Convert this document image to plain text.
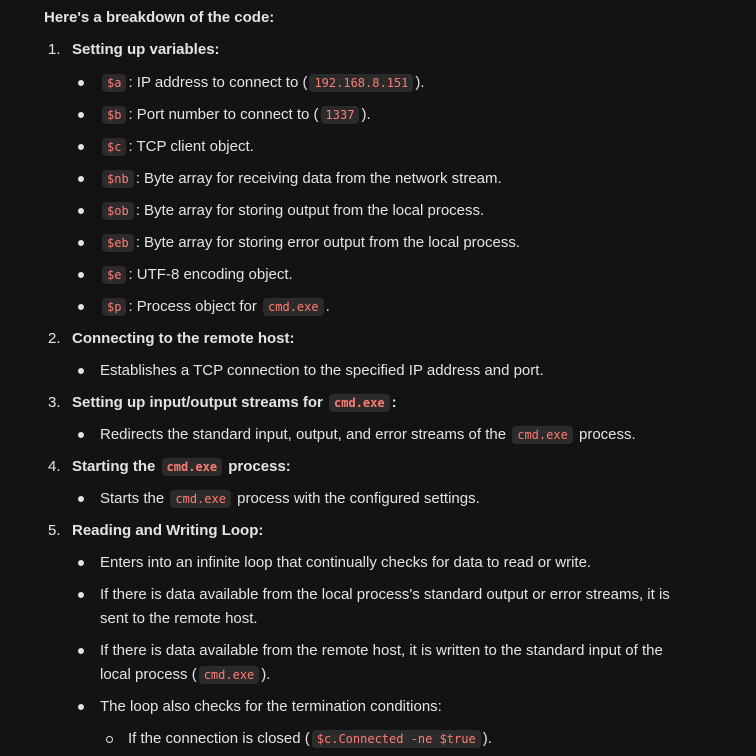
Here's a breakdown of the code:
1. Setting up variables:
$a : IP address to connect to ( 192.168.8.151 ).
$b : Port number to connect to ( 1337 ).
$c : TCP client object.
$nb : Byte array for receiving data from the network stream.
$ob : Byte array for storing output from the local process.
$eb : Byte array for storing error output from the local process.
$e : UTF-8 encoding object.
$p : Process object for cmd.exe .
2. Connecting to the remote host:
Establishes a TCP connection to the specified IP address and port.
3. Setting up input/output streams for cmd.exe :
Redirects the standard input, output, and error streams of the cmd.exe process.
4. Starting the cmd.exe process:
Starts the cmd.exe process with the configured settings.
5. Reading and Writing Loop:
Enters into an infinite loop that continually checks for data to read or write.
If there is data available from the local process's standard output or error streams, it is
sent to the remote host.
If there is data available from the remote host, it is written to the standard input of the
local process ( cmd.exe ).
The loop also checks for the termination conditions:
If the connection is closed ( $c.Connected -ne $true ).
